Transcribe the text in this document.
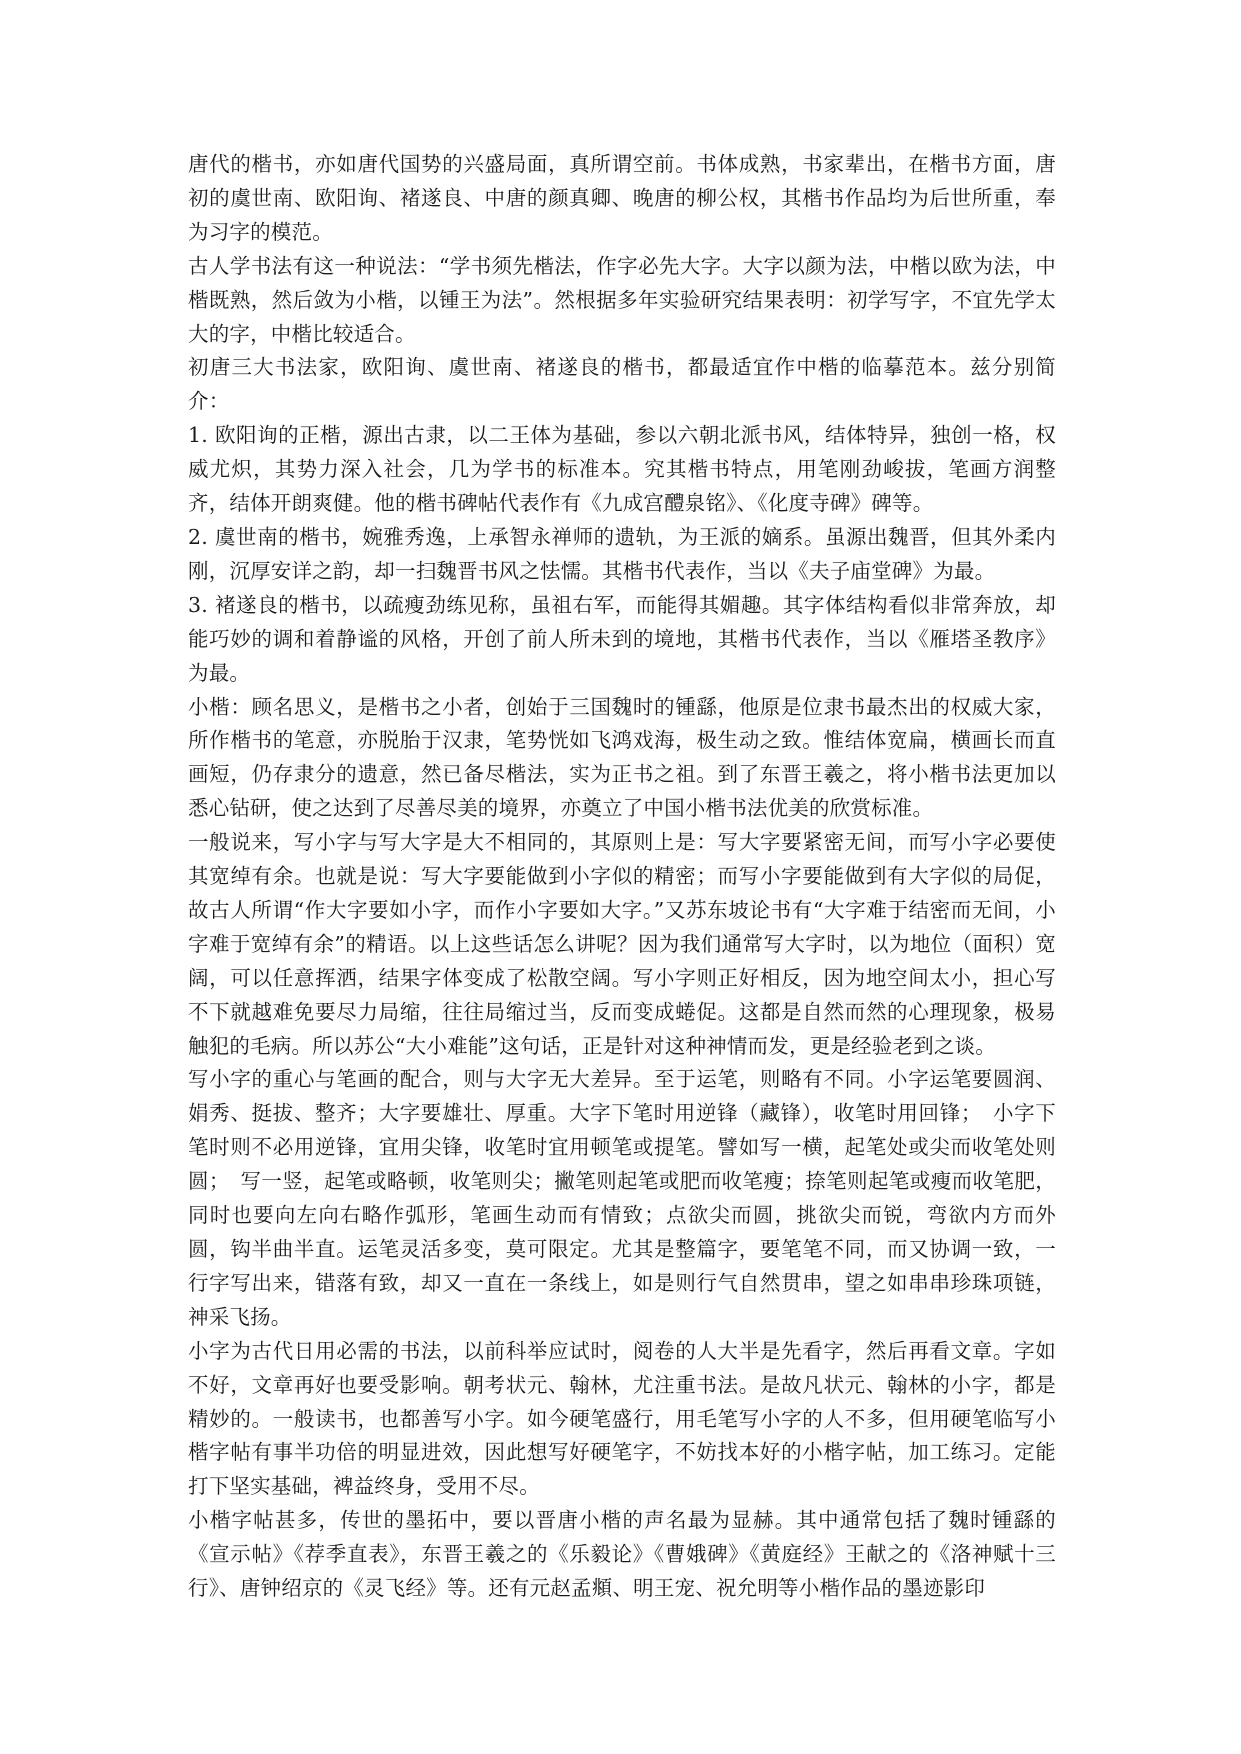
唐代的楷书，亦如唐代国势的兴盛局面，真所谓空前。书体成熟，书家辈出，在楷书方面，唐初的虞世南、欧阳询、褚遂良、中唐的颜真卿、晚唐的柳公权，其楷书作品均为后世所重，奉为习字的模范。

古人学书法有这一种说法：“学书须先楷法，作字必先大字。大字以颜为法，中楷以欧为法，中楷既熟，然后敛为小楷，以锺王为法”。然根据多年实验研究结果表明：初学写字，不宜先学太大的字，中楷比较适合。

初唐三大书法家，欧阳询、虞世南、褚遂良的楷书，都最适宜作中楷的临摹范本。兹分别简介：

1. 欧阳询的正楷，源出古隶，以二王体为基础，参以六朝北派书风，结体特异，独创一格，权威尤炽，其势力深入社会，几为学书的标准本。究其楷书特点，用笔刚劲峻拔，笔画方润整齐，结体开朗爽健。他的楷书碑帖代表作有《九成宫醴泉铭》、《化度寺碑》碑等。

2. 虞世南的楷书，婉雅秀逸，上承智永禅师的遗轨，为王派的嫡系。虽源出魏晋，但其外柔内刚，沉厚安详之韵，却一扫魏晋书风之怯懦。其楷书代表作，当以《夫子庙堂碑》为最。

3. 褚遂良的楷书，以疏瘦劲练见称，虽祖右军，而能得其媚趣。其字体结构看似非常奔放，却能巧妙的调和着静谧的风格，开创了前人所未到的境地，其楷书代表作，当以《雁塔圣教序》为最。

小楷：顾名思义，是楷书之小者，创始于三国魏时的锺繇，他原是位隶书最杰出的权威大家，所作楷书的笔意，亦脱胎于汉隶，笔势恍如飞鸿戏海，极生动之致。惟结体宽扁，横画长而直画短，仍存隶分的遗意，然已备尽楷法，实为正书之祖。到了东晋王羲之，将小楷书法更加以悉心钻研，使之达到了尽善尽美的境界，亦奠立了中国小楷书法优美的欣赏标准。

一般说来，写小字与写大字是大不相同的，其原则上是：写大字要紧密无间，而写小字必要使其宽绰有余。也就是说：写大字要能做到小字似的精密；而写小字要能做到有大字似的局促，故古人所谓“作大字要如小字，而作小字要如大字。”又苏东坡论书有“大字难于结密而无间，小字难于宽绰有余”的精语。以上这些话怎么讲呢？因为我们通常写大字时，以为地位（面积）宽阔，可以任意挥洒，结果字体变成了松散空阔。写小字则正好相反，因为地空间太小，担心写不下就越难免要尽力局缩，往往局缩过当，反而变成蜷促。这都是自然而然的心理现象，极易触犯的毛病。所以苏公“大小难能”这句话，正是针对这种神情而发，更是经验老到之谈。

写小字的重心与笔画的配合，则与大字无大差异。至于运笔，则略有不同。小字运笔要圆润、娟秀、挺拔、整齐；大字要雄壮、厚重。大字下笔时用逆锋（藏锋），收笔时用回锋；　小字下笔时则不必用逆锋，宜用尖锋，收笔时宜用顿笔或提笔。譬如写一横，起笔处或尖而收笔处则圆；　写一竖，起笔或略顿，收笔则尖；撇笔则起笔或肥而收笔瘦；捺笔则起笔或瘦而收笔肥，同时也要向左向右略作弧形，笔画生动而有情致；点欲尖而圆，挑欲尖而锐，弯欲内方而外圆，钩半曲半直。运笔灵活多变，莫可限定。尤其是整篇字，要笔笔不同，而又协调一致，一行字写出来，错落有致，却又一直在一条线上，如是则行气自然贯串，望之如串串珍珠项链，神采飞扬。

小字为古代日用必需的书法，以前科举应试时，阅卷的人大半是先看字，然后再看文章。字如不好，文章再好也要受影响。朝考状元、翰林，尤注重书法。是故凡状元、翰林的小字，都是精妙的。一般读书，也都善写小字。如今硬笔盛行，用毛笔写小字的人不多，但用硬笔临写小楷字帖有事半功倍的明显进效，因此想写好硬笔字，不妨找本好的小楷字帖，加工练习。定能打下坚实基础，裨益终身，受用不尽。

小楷字帖甚多，传世的墨拓中，要以晋唐小楷的声名最为显赫。其中通常包括了魏时锺繇的《宣示帖》《荐季直表》，东晋王羲之的《乐毅论》《曹娥碑》《黄庭经》王献之的《洛神赋十三行》、唐钟绍京的《灵飞经》等。还有元赵孟頫、明王宠、祝允明等小楷作品的墨迹影印
